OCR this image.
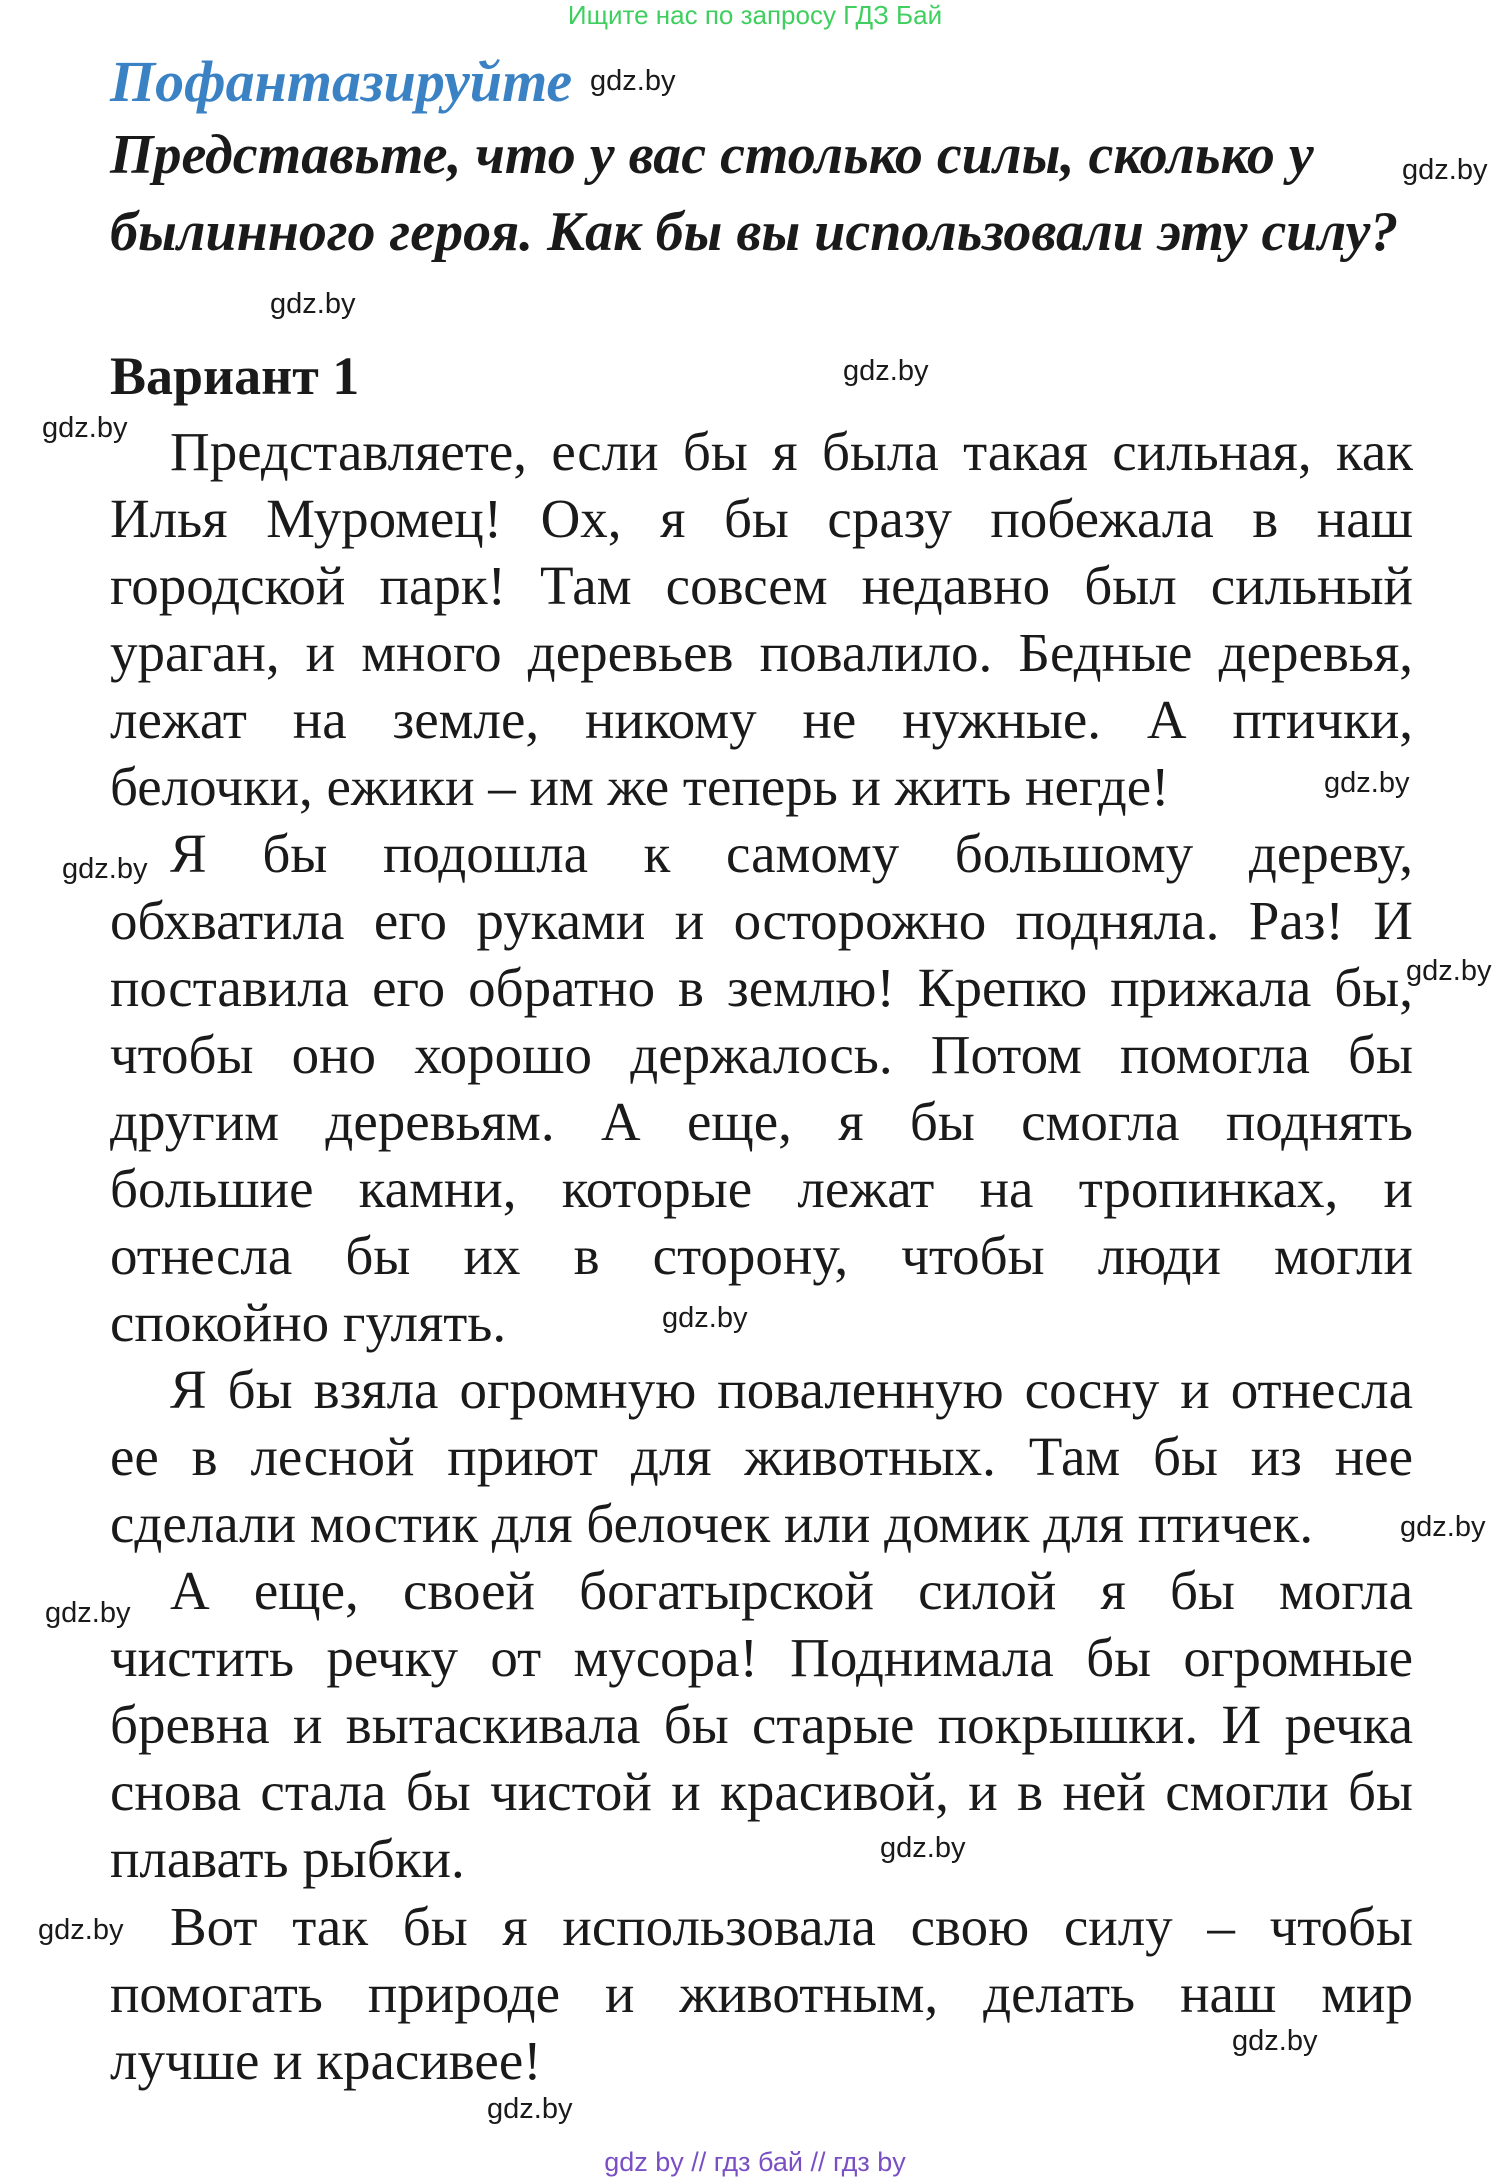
Ищите нас по запросу ГДЗ Бай
Пофантазируйте
Представьте, что у вас столько силы, сколько у
былинного героя. Как бы вы использовали эту силу?
Вариант 1
Представляете, если бы я была такая сильная, как
Илья Муромец! Ох, я бы сразу побежала в наш
городской парк! Там совсем недавно был сильный
ураган, и много деревьев повалило. Бедные деревья,
лежат на земле, никому не нужные. А птички,
белочки, ежики – им же теперь и жить негде!
Я бы подошла к самому большому дереву,
обхватила его руками и осторожно подняла. Раз! И
поставила его обратно в землю! Крепко прижала бы,
чтобы оно хорошо держалось. Потом помогла бы
другим деревьям. А еще, я бы смогла поднять
большие камни, которые лежат на тропинках, и
отнесла бы их в сторону, чтобы люди могли
спокойно гулять.
Я бы взяла огромную поваленную сосну и отнесла
ее в лесной приют для животных. Там бы из нее
сделали мостик для белочек или домик для птичек.
А еще, своей богатырской силой я бы могла
чистить речку от мусора! Поднимала бы огромные
бревна и вытаскивала бы старые покрышки. И речка
снова стала бы чистой и красивой, и в ней смогли бы
плавать рыбки.
Вот так бы я использовала свою силу – чтобы
помогать природе и животным, делать наш мир
лучше и красивее!
gdz.by
gdz.by
gdz.by
gdz.by
gdz.by
gdz.by
gdz.by
gdz.by
gdz.by
gdz.by
gdz.by
gdz.by
gdz.by
gdz.by
gdz.by
gdz by // гдз бай // гдз by
